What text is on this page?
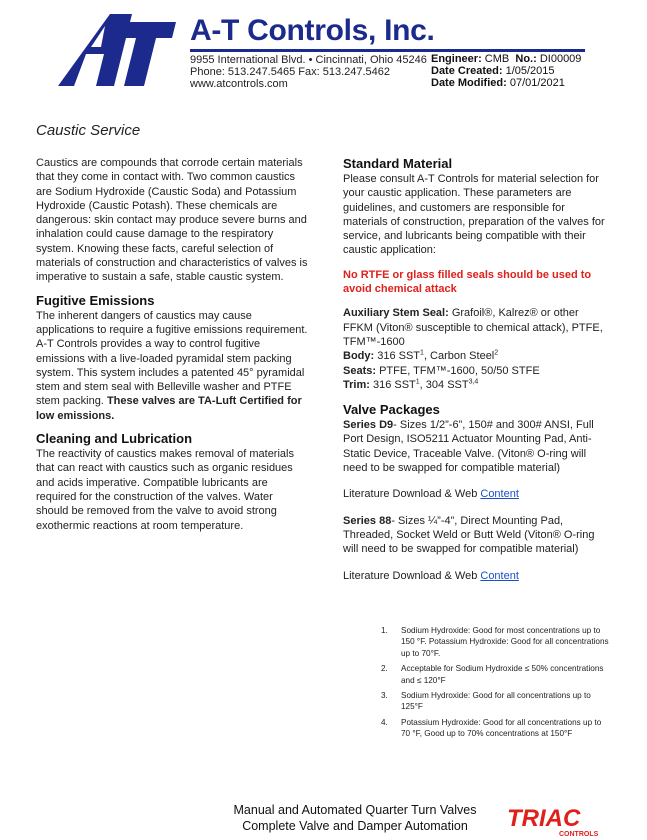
A-T Controls, Inc.
9955 International Blvd. • Cincinnati, Ohio 45246
Phone: 513.247.5465 Fax: 513.247.5462
www.atcontrols.com
Engineer: CMB No.: DI00009
Date Created: 1/05/2015
Date Modified: 07/01/2021
Caustic Service

Caustics are compounds that corrode certain materials that they come in contact with. Two common caustics are Sodium Hydroxide (Caustic Soda) and Potassium Hydroxide (Caustic Potash). These chemicals are dangerous: skin contact may produce severe burns and inhalation could cause damage to the respiratory system. Knowing these facts, careful selection of materials of construction and characteristics of valves is imperative to sustain a safe, stable caustic system.

Fugitive Emissions

The inherent dangers of caustics may cause applications to require a fugitive emissions requirement. A-T Controls provides a way to control fugitive emissions with a live-loaded pyramidal stem packing system. This system includes a patented 45° pyramidal stem and stem seal with Belleville washer and PTFE stem packing. These valves are TA-Luft Certified for low emissions.

Cleaning and Lubrication

The reactivity of caustics makes removal of materials that can react with caustics such as organic residues and acids imperative. Compatible lubricants are required for the construction of the valves. Water should be removed from the valve to avoid strong exothermic reactions at room temperature.

Standard Material

Please consult A-T Controls for material selection for your caustic application. These parameters are guidelines, and customers are responsible for materials of construction, preparation of the valves for service, and lubricants being compatible with their caustic application:

No RTFE or glass filled seals should be used to avoid chemical attack

Auxiliary Stem Seal: Grafoil®, Kalrez® or other FFKM (Viton® susceptible to chemical attack), PTFE, TFM™-1600

Body: 316 SST$^1$, Carbon Steel$^2$

Seats: PTFE, TFM™-1600, 50/50 STFE

Trim: 316 SST$^1$, 304 SST$^{3,4}$

Valve Packages

Series D9- Sizes 1/2”-6”, 150# and 300# ANSI, Full Port Design, ISO5211 Actuator Mounting Pad, Anti-Static Device, Traceable Valve. (Viton® O-ring will need to be swapped for compatible material)

Literature Download & Web Content

Series 88- Sizes ¼”-4”, Direct Mounting Pad, Threaded, Socket Weld or Butt Weld (Viton® O-ring will need to be swapped for compatible material)

Literature Download & Web Content

1. Sodium Hydroxide: Good for most concentrations up to 150 °F. Potassium Hydroxide: Good for all concentrations up to 70°F.
2. Acceptable for Sodium Hydroxide ≤ 50% concentrations and ≤ 120°F
3. Sodium Hydroxide: Good for all concentrations up to 125°F
4. Potassium Hydroxide: Good for all concentrations up to 70 °F, Good up to 70% concentrations at 150°F
Manual and Automated Quarter Turn Valves
Complete Valve and Damper Automation	TRIAC
CONTROLS
